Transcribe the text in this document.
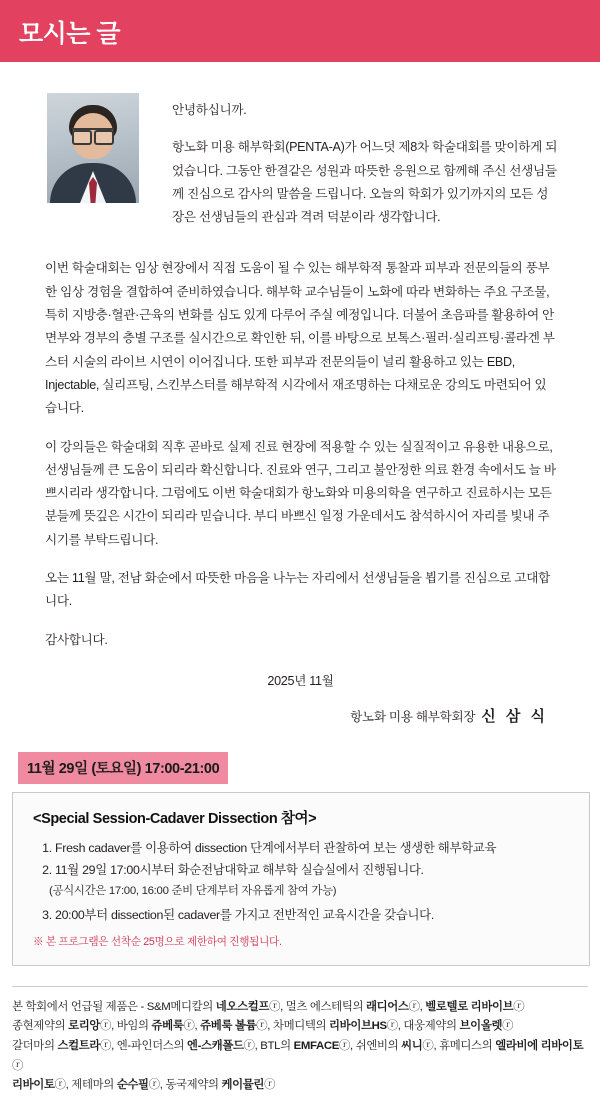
모시는 글

안녕하십니까.

항노화 미용 해부학회(PENTA-A)가 어느덧 제8차 학술대회를 맞이하게 되었습니다. 그동안 한결같은 성원과 따뜻한 응원으로 함께해 주신 선생님들께 진심으로 감사의 말씀을 드립니다. 오늘의 학회가 있기까지의 모든 성장은 선생님들의 관심과 격려 덕분이라 생각합니다.

이번 학술대회는 임상 현장에서 직접 도움이 될 수 있는 해부학적 통찰과 피부과 전문의들의 풍부한 임상 경험을 결합하여 준비하였습니다. 해부학 교수님들이 노화에 따라 변화하는 주요 구조물, 특히 지방층·혈관·근육의 변화를 심도 있게 다루어 주실 예정입니다. 더불어 초음파를 활용하여 안면부와 경부의 층별 구조를 실시간으로 확인한 뒤, 이를 바탕으로 보톡스·필러·실리프팅·콜라겐 부스터 시술의 라이브 시연이 이어집니다. 또한 피부과 전문의들이 널리 활용하고 있는 EBD, Injectable, 실리프팅, 스킨부스터를 해부학적 시각에서 재조명하는 다채로운 강의도 마련되어 있습니다.

이 강의들은 학술대회 직후 곧바로 실제 진료 현장에 적용할 수 있는 실질적이고 유용한 내용으로, 선생님들께 큰 도움이 되리라 확신합니다. 진료와 연구, 그리고 불안정한 의료 환경 속에서도 늘 바쁘시리라 생각합니다. 그럼에도 이번 학술대회가 항노화와 미용의학을 연구하고 진료하시는 모든 분들께 뜻깊은 시간이 되리라 믿습니다. 부디 바쁘신 일정 가운데서도 참석하시어 자리를 빛내 주시기를 부탁드립니다.

오는 11월 말, 전남 화순에서 따뜻한 마음을 나누는 자리에서 선생님들을 뵙기를 진심으로 고대합니다.

감사합니다.

2025년 11월

항노화 미용 해부학회장 신 삼 식

11월 29일 (토요일) 17:00-21:00

<Special Session-Cadaver Dissection 참여>

1. Fresh cadaver를 이용하여 dissection 단계에서부터 관찰하여 보는 생생한 해부학교육
2. 11월 29일 17:00시부터 화순전남대학교 해부학 실습실에서 진행됩니다.

(공식시간은 17:00, 16:00 준비 단계부터 자유롭게 참여 가능)

3. 20:00부터 dissection된 cadaver를 가지고 전반적인 교육시간을 갖습니다.

※ 본 프로그램은 선착순 25명으로 제한하여 진행됩니다.

본 학회에서 언급될 제품은 - S&M메디칼의 네오스컬프ⓡ, 멀츠 에스테틱의 래디어스ⓡ, 벨로텔로 리바이브ⓡ
종현제약의 로리앙ⓡ, 바임의 쥬베룩ⓡ, 쥬베룩 볼륨ⓡ, 차메디텍의 리바이브HSⓡ, 대웅제약의 브이올렛ⓡ
갈더마의 스컬트라ⓡ, 엔-파인더스의 엔-스캐폴드ⓡ, BTL의 EMFACEⓡ, 쉬엔비의 씨니ⓡ, 휴메디스의 엘라비에 리바이토ⓡ
리바이토ⓡ, 제테마의 순수필ⓡ, 동국제약의 케이뮬린ⓡ
